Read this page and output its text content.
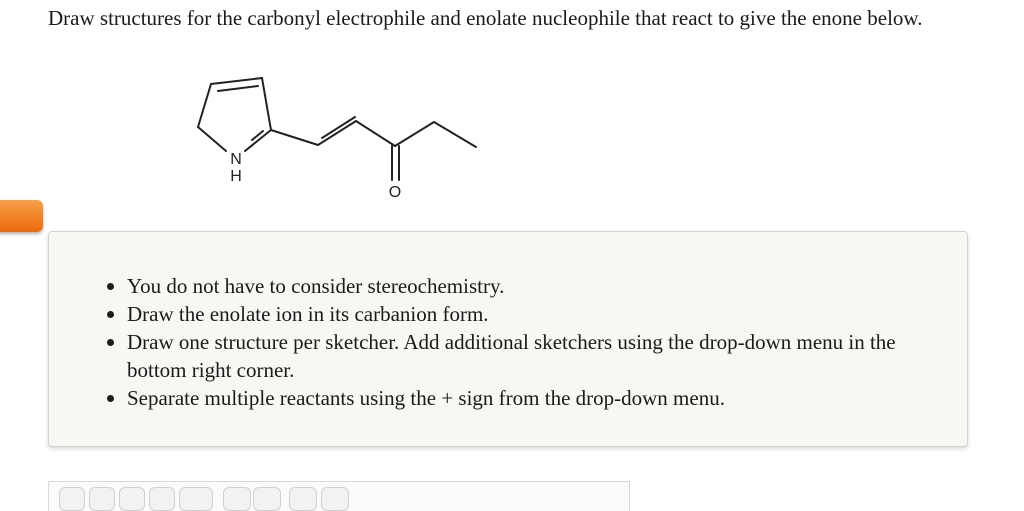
Draw structures for the carbonyl electrophile and enolate nucleophile that react to give the enone below.
N
H
O
You do not have to consider stereochemistry.
Draw the enolate ion in its carbanion form.
Draw one structure per sketcher. Add additional sketchers using the drop-down menu in the bottom right corner.
Separate multiple reactants using the + sign from the drop-down menu.
